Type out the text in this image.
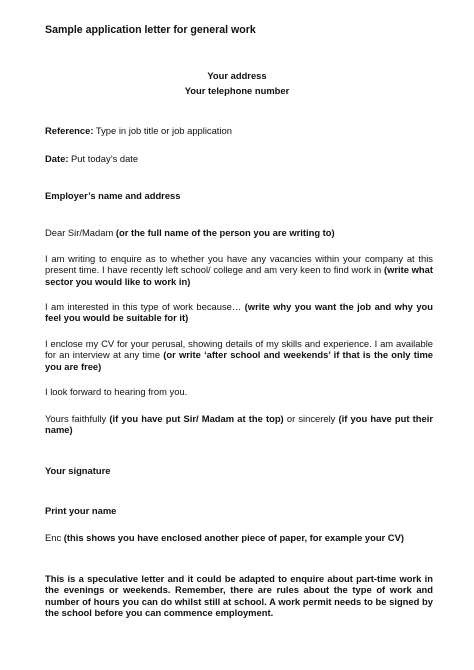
Sample application letter for general work

Your address

Your telephone number

Reference: Type in job title or job application

Date: Put today’s date

Employer’s name and address

Dear Sir/Madam (or the full name of the person you are writing to)

I am writing to enquire as to whether you have any vacancies within your company at this present time. I have recently left school/ college and am very keen to find work in (write what sector you would like to work in)

I am interested in this type of work because… (write why you want the job and why you feel you would be suitable for it)

I enclose my CV for your perusal, showing details of my skills and experience. I am available for an interview at any time (or write ‘after school and weekends’ if that is the only time you are free)

I look forward to hearing from you.

Yours faithfully (if you have put Sir/ Madam at the top) or sincerely (if you have put their name)

Your signature

Print your name

Enc (this shows you have enclosed another piece of paper, for example your CV)

This is a speculative letter and it could be adapted to enquire about part-time work in the evenings or weekends. Remember, there are rules about the type of work and number of hours you can do whilst still at school. A work permit needs to be signed by the school before you can commence employment.
